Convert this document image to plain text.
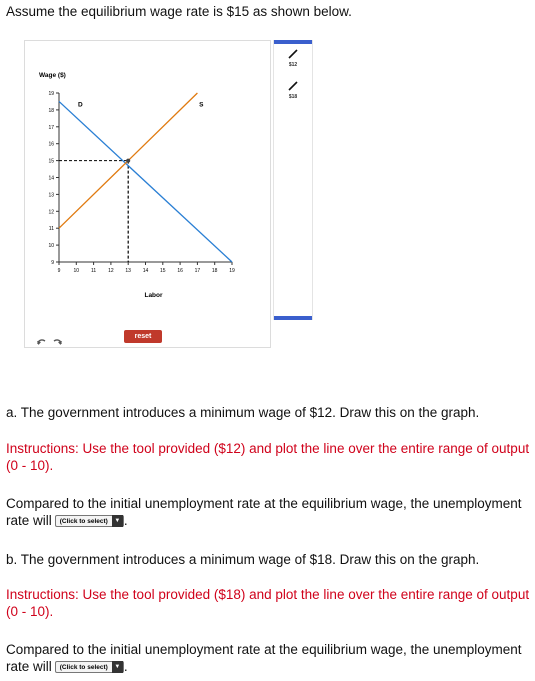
Assume the equilibrium wage rate is $15 as shown below.
Wage ($)
9
10
11
12
13
14
15
16
17
18
19
9	10 11 12 13 14 15 16 17 18 19
D	S
Labor
reset
$12
$18
a. The government introduces a minimum wage of $12. Draw this on the graph.
Instructions: Use the tool provided ($12) and plot the line over the entire range of output (0 - 10).
Compared to the initial unemployment rate at the equilibrium wage, the unemployment rate will	(Click to select)	▼ .
b. The government introduces a minimum wage of $18. Draw this on the graph.
Instructions: Use the tool provided ($18) and plot the line over the entire range of output (0 - 10).
Compared to the initial unemployment rate at the equilibrium wage, the unemployment rate will	(Click to select)	▼ .
